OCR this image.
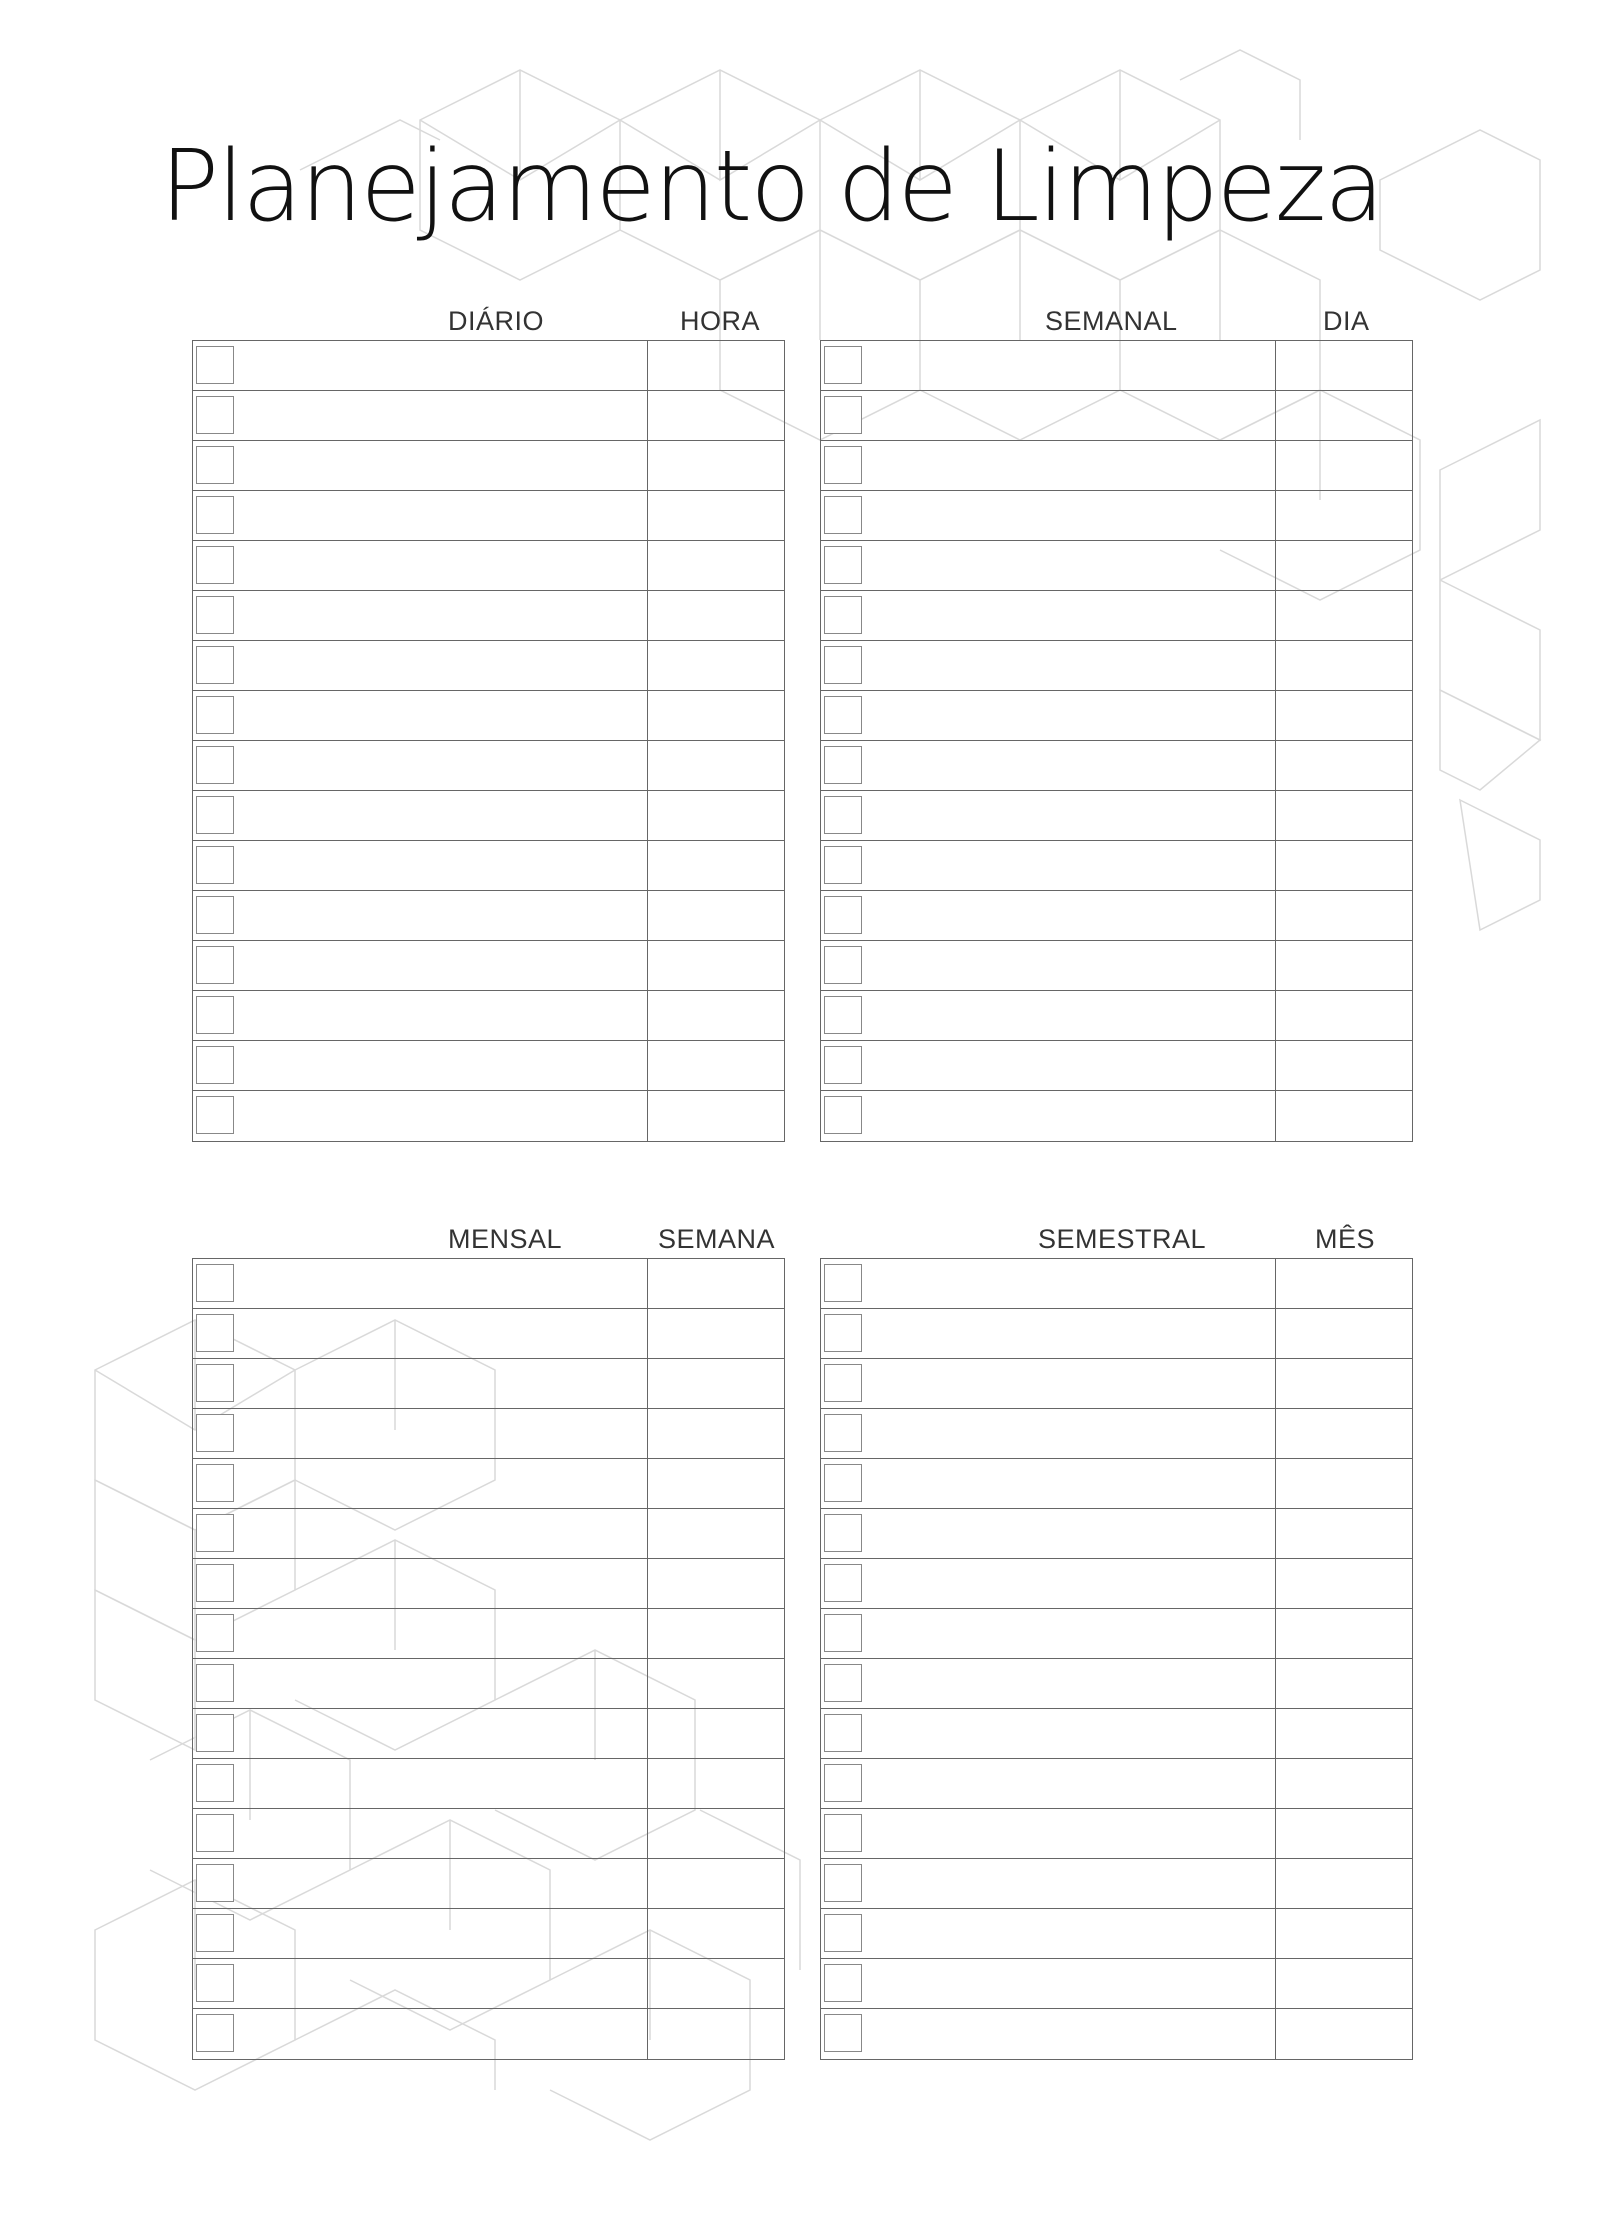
Planejamento de Limpeza
DIÁRIO	HORA	SEMANAL	DIA
MENSAL	SEMANA	SEMESTRAL	MÊS
